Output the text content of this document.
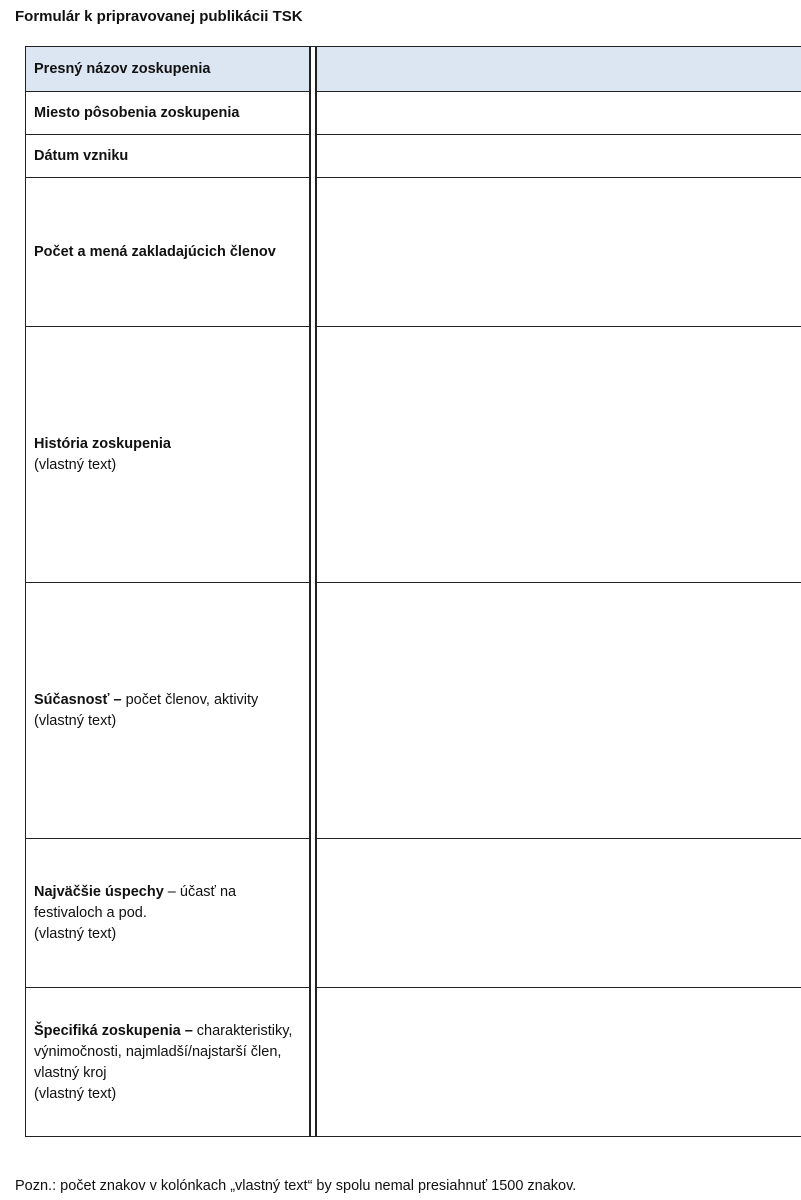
Formulár k pripravovanej publikácii TSK
Presný názov zoskupenia
Miesto pôsobenia zoskupenia
Dátum vzniku
Počet a mená zakladajúcich členov
História zoskupenia
(vlastný text)
Súčasnosť – počet členov, aktivity
(vlastný text)
Najväčšie úspechy – účasť na festivaloch a pod.
(vlastný text)
Špecifiká zoskupenia – charakteristiky, výnimočnosti, najmladší/najstarší člen, vlastný kroj
(vlastný text)
Pozn.: počet znakov v kolónkach „vlastný text“ by spolu nemal presiahnuť 1500 znakov.
